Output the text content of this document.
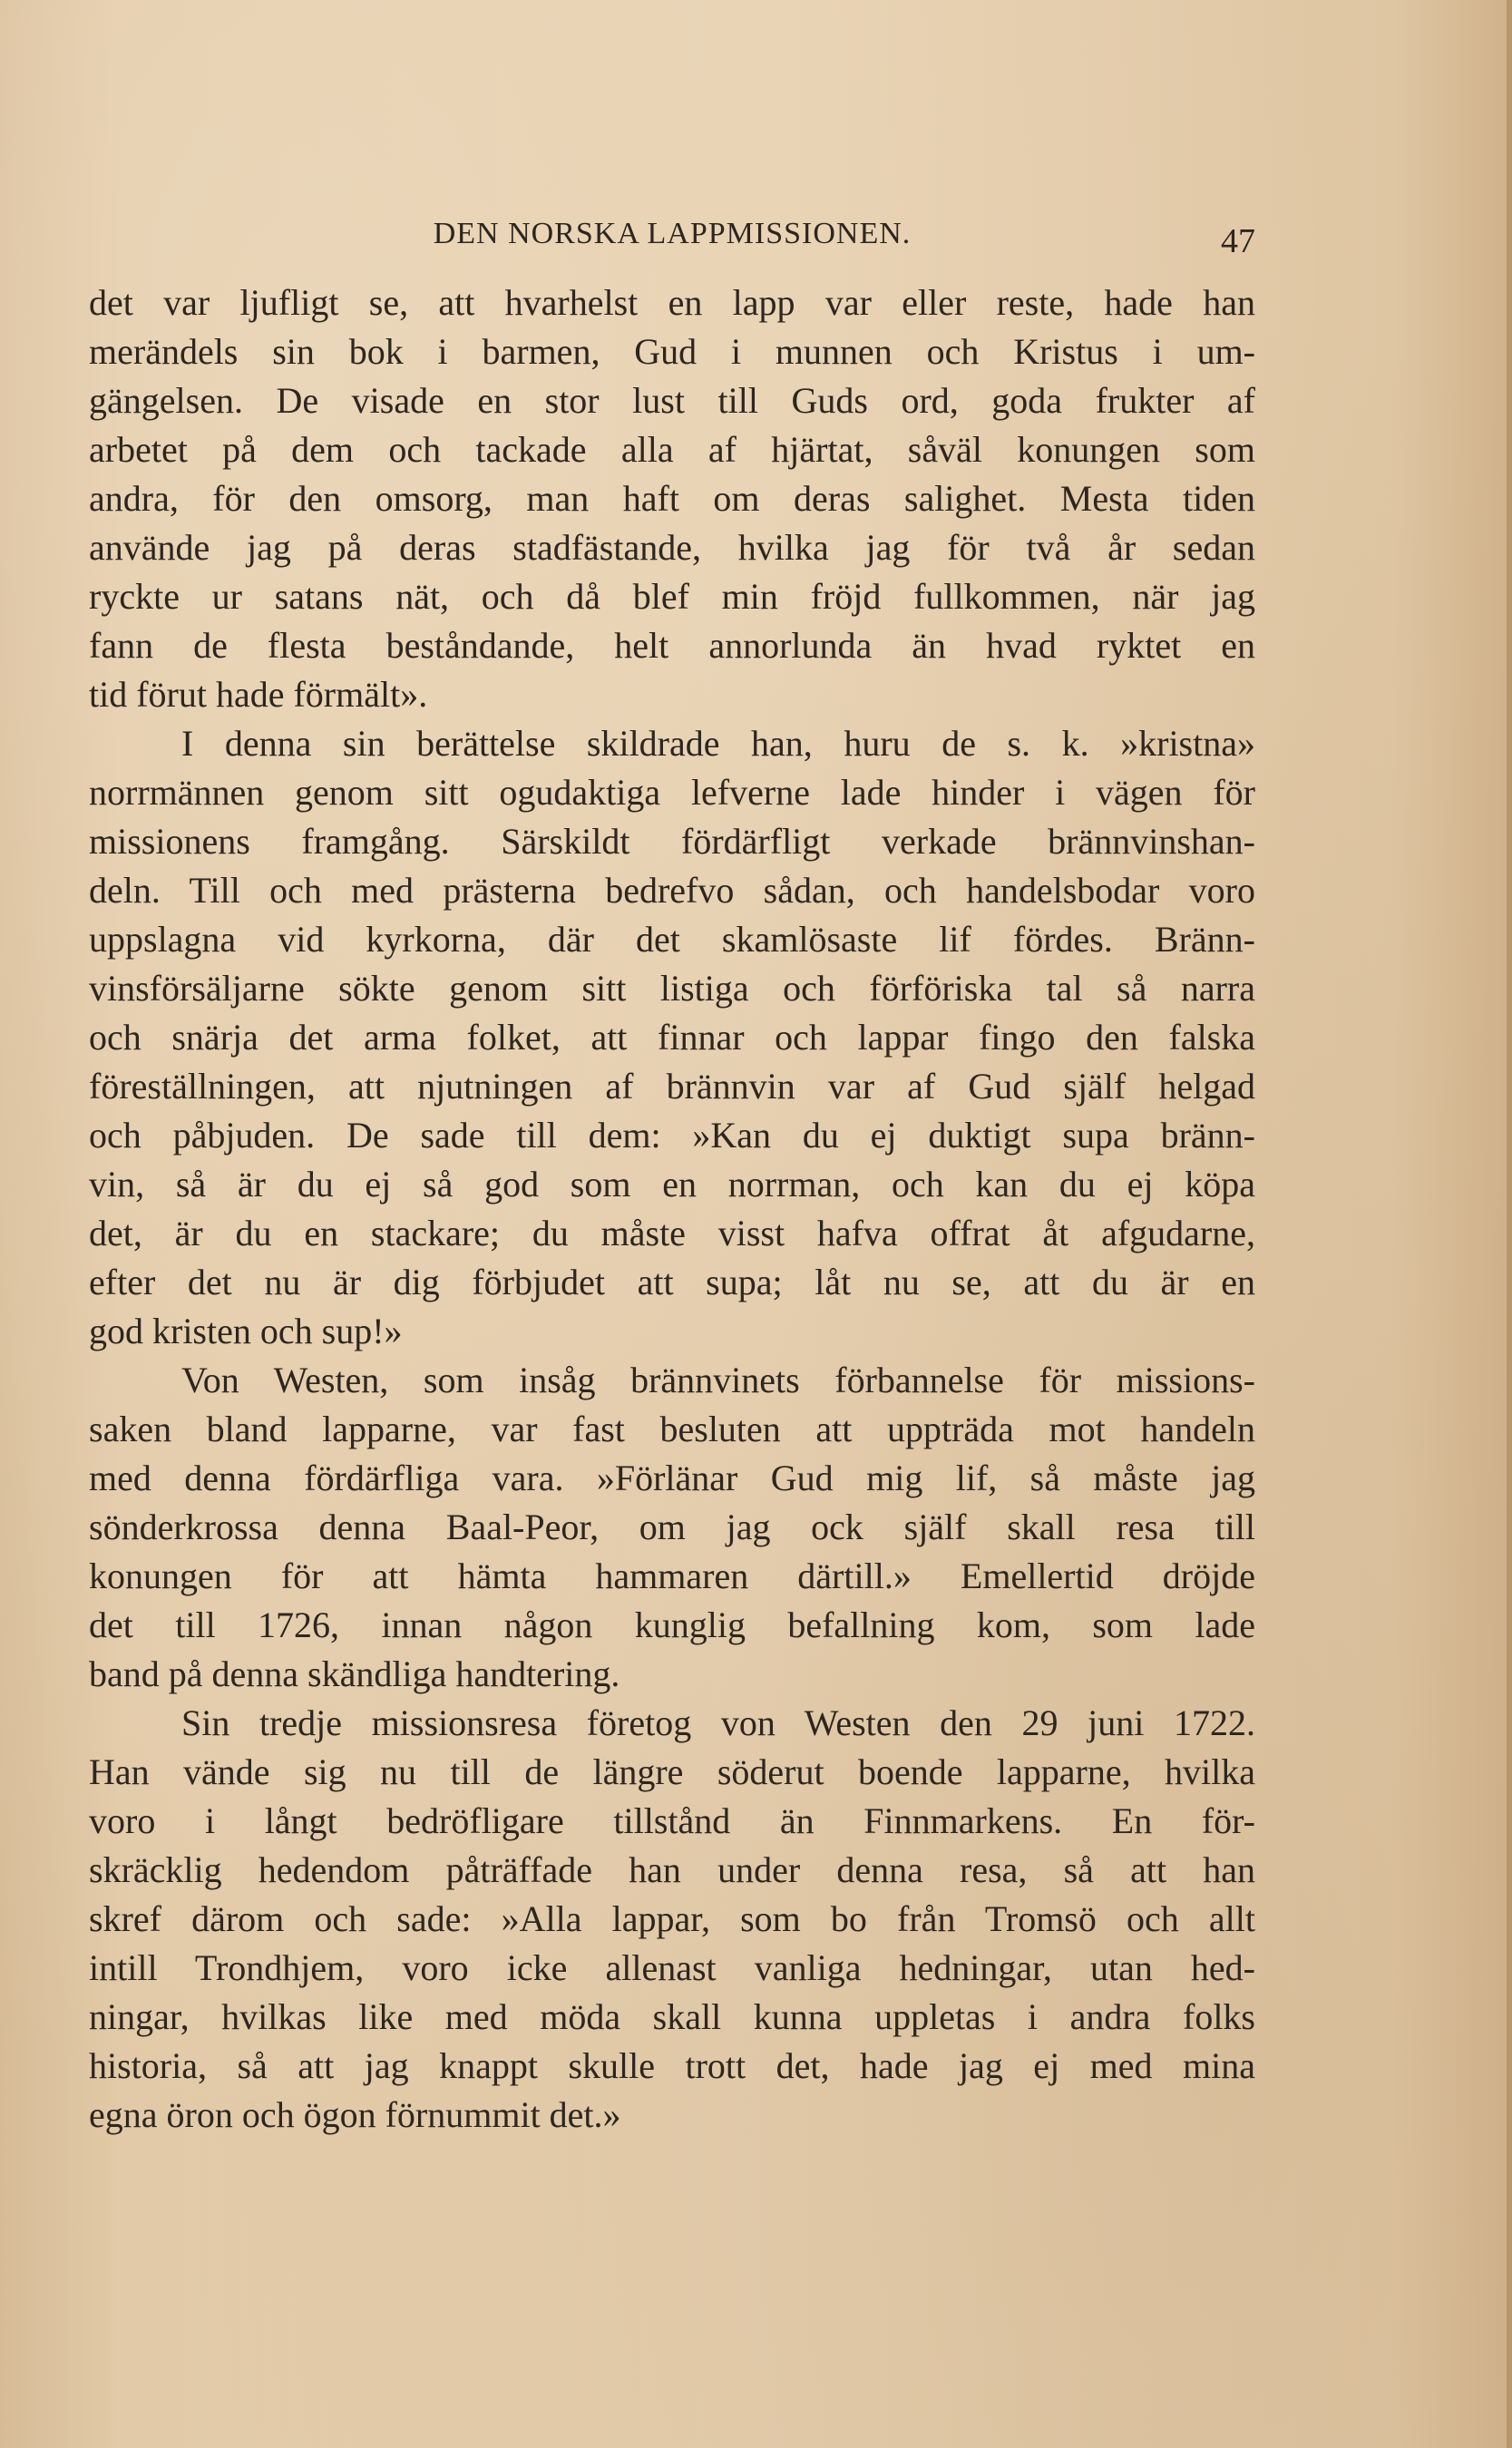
DEN NORSKA LAPPMISSIONEN.	47
det var ljufligt se, att hvarhelst en lapp var eller reste, hade han
merändels sin bok i barmen, Gud i munnen och Kristus i um-
gängelsen. De visade en stor lust till Guds ord, goda frukter af
arbetet på dem och tackade alla af hjärtat, såväl konungen som
andra, för den omsorg, man haft om deras salighet. Mesta tiden
använde jag på deras stadfästande, hvilka jag för två år sedan
ryckte ur satans nät, och då blef min fröjd fullkommen, när jag
fann de flesta beståndande, helt annorlunda än hvad ryktet en
tid förut hade förmält».
I denna sin berättelse skildrade han, huru de s. k. »kristna»
norrmännen genom sitt ogudaktiga lefverne lade hinder i vägen för
missionens framgång. Särskildt fördärfligt verkade brännvinshan-
deln. Till och med prästerna bedrefvo sådan, och handelsbodar voro
uppslagna vid kyrkorna, där det skamlösaste lif fördes. Bränn-
vinsförsäljarne sökte genom sitt listiga och förföriska tal så narra
och snärja det arma folket, att finnar och lappar fingo den falska
föreställningen, att njutningen af brännvin var af Gud själf helgad
och påbjuden. De sade till dem: »Kan du ej duktigt supa bränn-
vin, så är du ej så god som en norrman, och kan du ej köpa
det, är du en stackare; du måste visst hafva offrat åt afgudarne,
efter det nu är dig förbjudet att supa; låt nu se, att du är en
god kristen och sup!»
Von Westen, som insåg brännvinets förbannelse för missions-
saken bland lapparne, var fast besluten att uppträda mot handeln
med denna fördärfliga vara. »Förlänar Gud mig lif, så måste jag
sönderkrossa denna Baal-Peor, om jag ock själf skall resa till
konungen för att hämta hammaren därtill.» Emellertid dröjde
det till 1726, innan någon kunglig befallning kom, som lade
band på denna skändliga handtering.
Sin tredje missionsresa företog von Westen den 29 juni 1722.
Han vände sig nu till de längre söderut boende lapparne, hvilka
voro i långt bedröfligare tillstånd än Finnmarkens. En för-
skräcklig hedendom påträffade han under denna resa, så att han
skref därom och sade: »Alla lappar, som bo från Tromsö och allt
intill Trondhjem, voro icke allenast vanliga hedningar, utan hed-
ningar, hvilkas like med möda skall kunna uppletas i andra folks
historia, så att jag knappt skulle trott det, hade jag ej med mina
egna öron och ögon förnummit det.»
